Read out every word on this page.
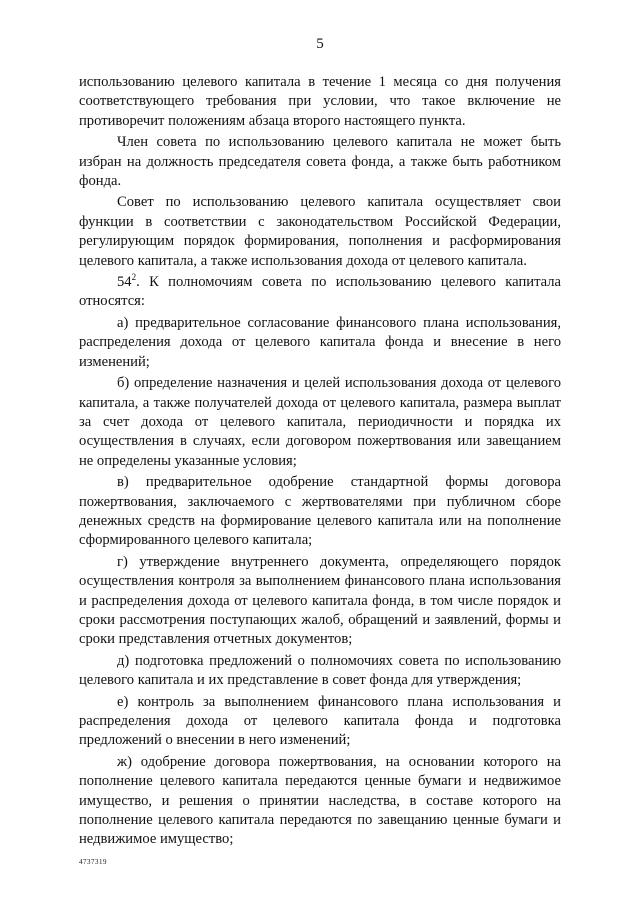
5

использованию целевого капитала в течение 1 месяца со дня получения соответствующего требования при условии, что такое включение не противоречит положениям абзаца второго настоящего пункта.

Член совета по использованию целевого капитала не может быть избран на должность председателя совета фонда, а также быть работником фонда.

Совет по использованию целевого капитала осуществляет свои функции в соответствии с законодательством Российской Федерации, регулирующим порядок формирования, пополнения и расформирования целевого капитала, а также использования дохода от целевого капитала.

$54^2$. К полномочиям совета по использованию целевого капитала относятся:

а) предварительное согласование финансового плана использования, распределения дохода от целевого капитала фонда и внесение в него изменений;

б) определение назначения и целей использования дохода от целевого капитала, а также получателей дохода от целевого капитала, размера выплат за счет дохода от целевого капитала, периодичности и порядка их осуществления в случаях, если договором пожертвования или завещанием не определены указанные условия;

в) предварительное одобрение стандартной формы договора пожертвования, заключаемого с жертвователями при публичном сборе денежных средств на формирование целевого капитала или на пополнение сформированного целевого капитала;

г) утверждение внутреннего документа, определяющего порядок осуществления контроля за выполнением финансового плана использования и распределения дохода от целевого капитала фонда, в том числе порядок и сроки рассмотрения поступающих жалоб, обращений и заявлений, формы и сроки представления отчетных документов;

д) подготовка предложений о полномочиях совета по использованию целевого капитала и их представление в совет фонда для утверждения;

е) контроль за выполнением финансового плана использования и распределения дохода от целевого капитала фонда и подготовка предложений о внесении в него изменений;

ж) одобрение договора пожертвования, на основании которого на пополнение целевого капитала передаются ценные бумаги и недвижимое имущество, и решения о принятии наследства, в составе которого на пополнение целевого капитала передаются по завещанию ценные бумаги и недвижимое имущество;

4737319
